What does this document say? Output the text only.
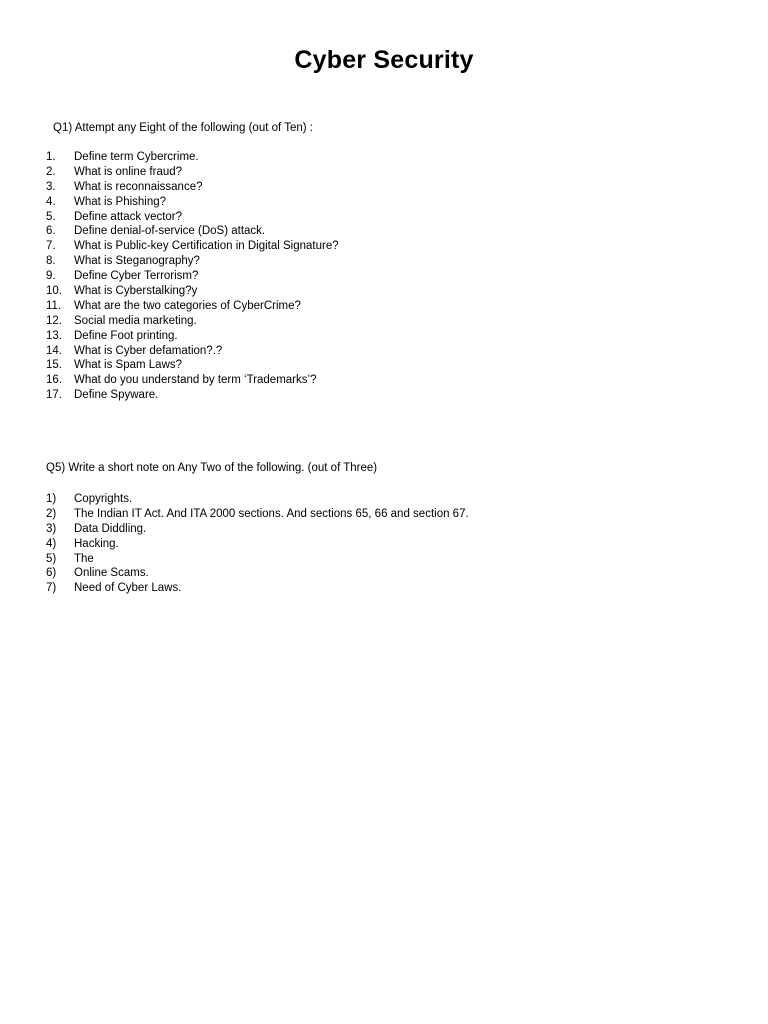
Cyber Security
Q1) Attempt any Eight of the following (out of Ten) :
1. Define term Cybercrime.
2. What is online fraud?
3. What is reconnaissance?
4. What is Phishing?
5. Define attack vector?
6. Define denial-of-service (DoS) attack.
7. What is Public-key Certification in Digital Signature?
8. What is Steganography?
9. Define Cyber Terrorism?
10. What is Cyberstalking?y
11. What are the two categories of CyberCrime?
12. Social media marketing.
13. Define Foot printing.
14. What is Cyber defamation?.?
15. What is Spam Laws?
16. What do you understand by term ‘Trademarks’?
17. Define Spyware.
Q5) Write a short note on Any Two of the following. (out of Three)
1) Copyrights.
2) The Indian IT Act. And ITA 2000 sections. And sections 65, 66 and section 67.
3) Data Diddling.
4) Hacking.
5) The
6) Online Scams.
7) Need of Cyber Laws.
